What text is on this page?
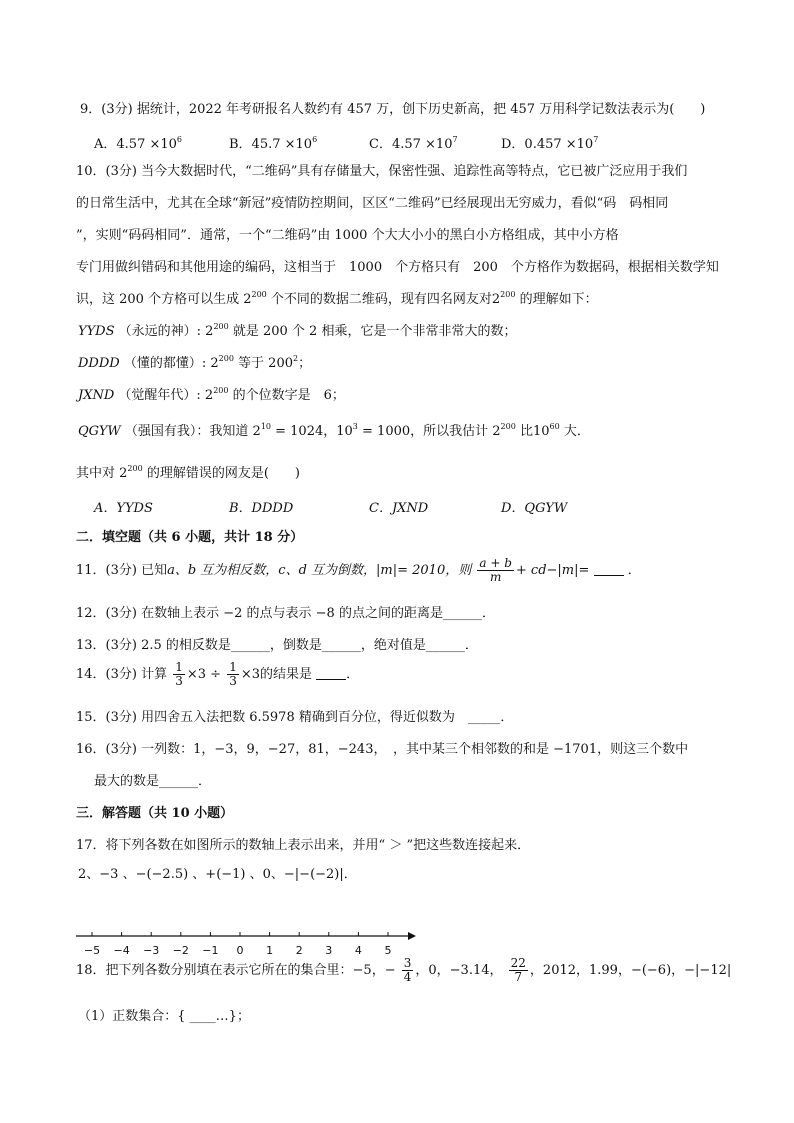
9．(3分) 据统计，2022 年考研报名人数约有 457 万，创下历史新高，把 457 万用科学记数法表示为(　　)
A．$4.57 \times 10^6$	B．$45.7 \times 10^6$	C．$4.57 \times 10^7$	D．$0.457 \times 10^7$
10．(3分) 当今大数据时代，“二维码”具有存储量大，保密性强、追踪性高等特点，它已被广泛应用于我们
的日常生活中，尤其在全球“新冠”疫情防控期间，区区“二维码”已经展现出无穷威力，看似“码　码相同
”，实则“码码相同”．通常，一个“二维码”由 1000 个大大小小的黑白小方格组成，其中小方格
专门用做纠错码和其他用途的编码，这相当于　1000　个方格只有　200　个方格作为数据码，根据相关数学知
识，这 200 个方格可以生成 $2^{200}$ 个不同的数据二维码，现有四名网友对$2^{200}$ 的理解如下：
YYDS （永远的神）: $2^{200}$ 就是 200 个 2 相乘，它是一个非常非常大的数；
DDDD （懂的都懂）: $2^{200}$ 等于 $200^2$；
JXND （觉醒年代）: $2^{200}$ 的个位数字是　6；
QGYW （强国有我）：我知道 $2^{10} = 1024$，$10^3 = 1000$，所以我估计 $2^{200}$ 比$10^{60}$ 大．
其中对 $2^{200}$ 的理解错误的网友是(　　)
A．YYDS	B．DDDD	C．JXND	D．QGYW
二．填空题（共 6 小题，共计 18 分）
11．(3分) 已知a、b 互为相反数，c、d 互为倒数，|m|= 2010，则 $\frac{a + b}{m} + cd-|m|=$	．
12．(3分) 在数轴上表示 −2 的点与表示 −8 的点之间的距离是______．
13．(3分) 2.5 的相反数是______，倒数是______，绝对值是______．
14．(3分) 计算 $\frac{1}{3} \times 3 \div \frac{1}{3} \times 3$的结果是	．
15．(3分) 用四舍五入法把数 6.5978 精确到百分位，得近似数为　_____．
16．(3分) 一列数：1，−3，9，−27，81，−243，　，其中某三个相邻数的和是 −1701，则这三个数中
最大的数是______．
三．解答题（共 10 小题）
17．将下列各数在如图所示的数轴上表示出来，并用“ ＞ ”把这些数连接起来．
2、−3 、−(−2.5) 、+(−1) 、0、−|−(−2)|．
−5 −4 −3 −2 −1 0 1 2 3 4 5
18．把下列各数分别填在表示它所在的集合里：−5，− $\frac{3}{4}$ ，0，−3.14， $\frac{22}{7}$ ，2012，1.99，−(−6)，−|−12|
（1）正数集合：{ ____…}；
